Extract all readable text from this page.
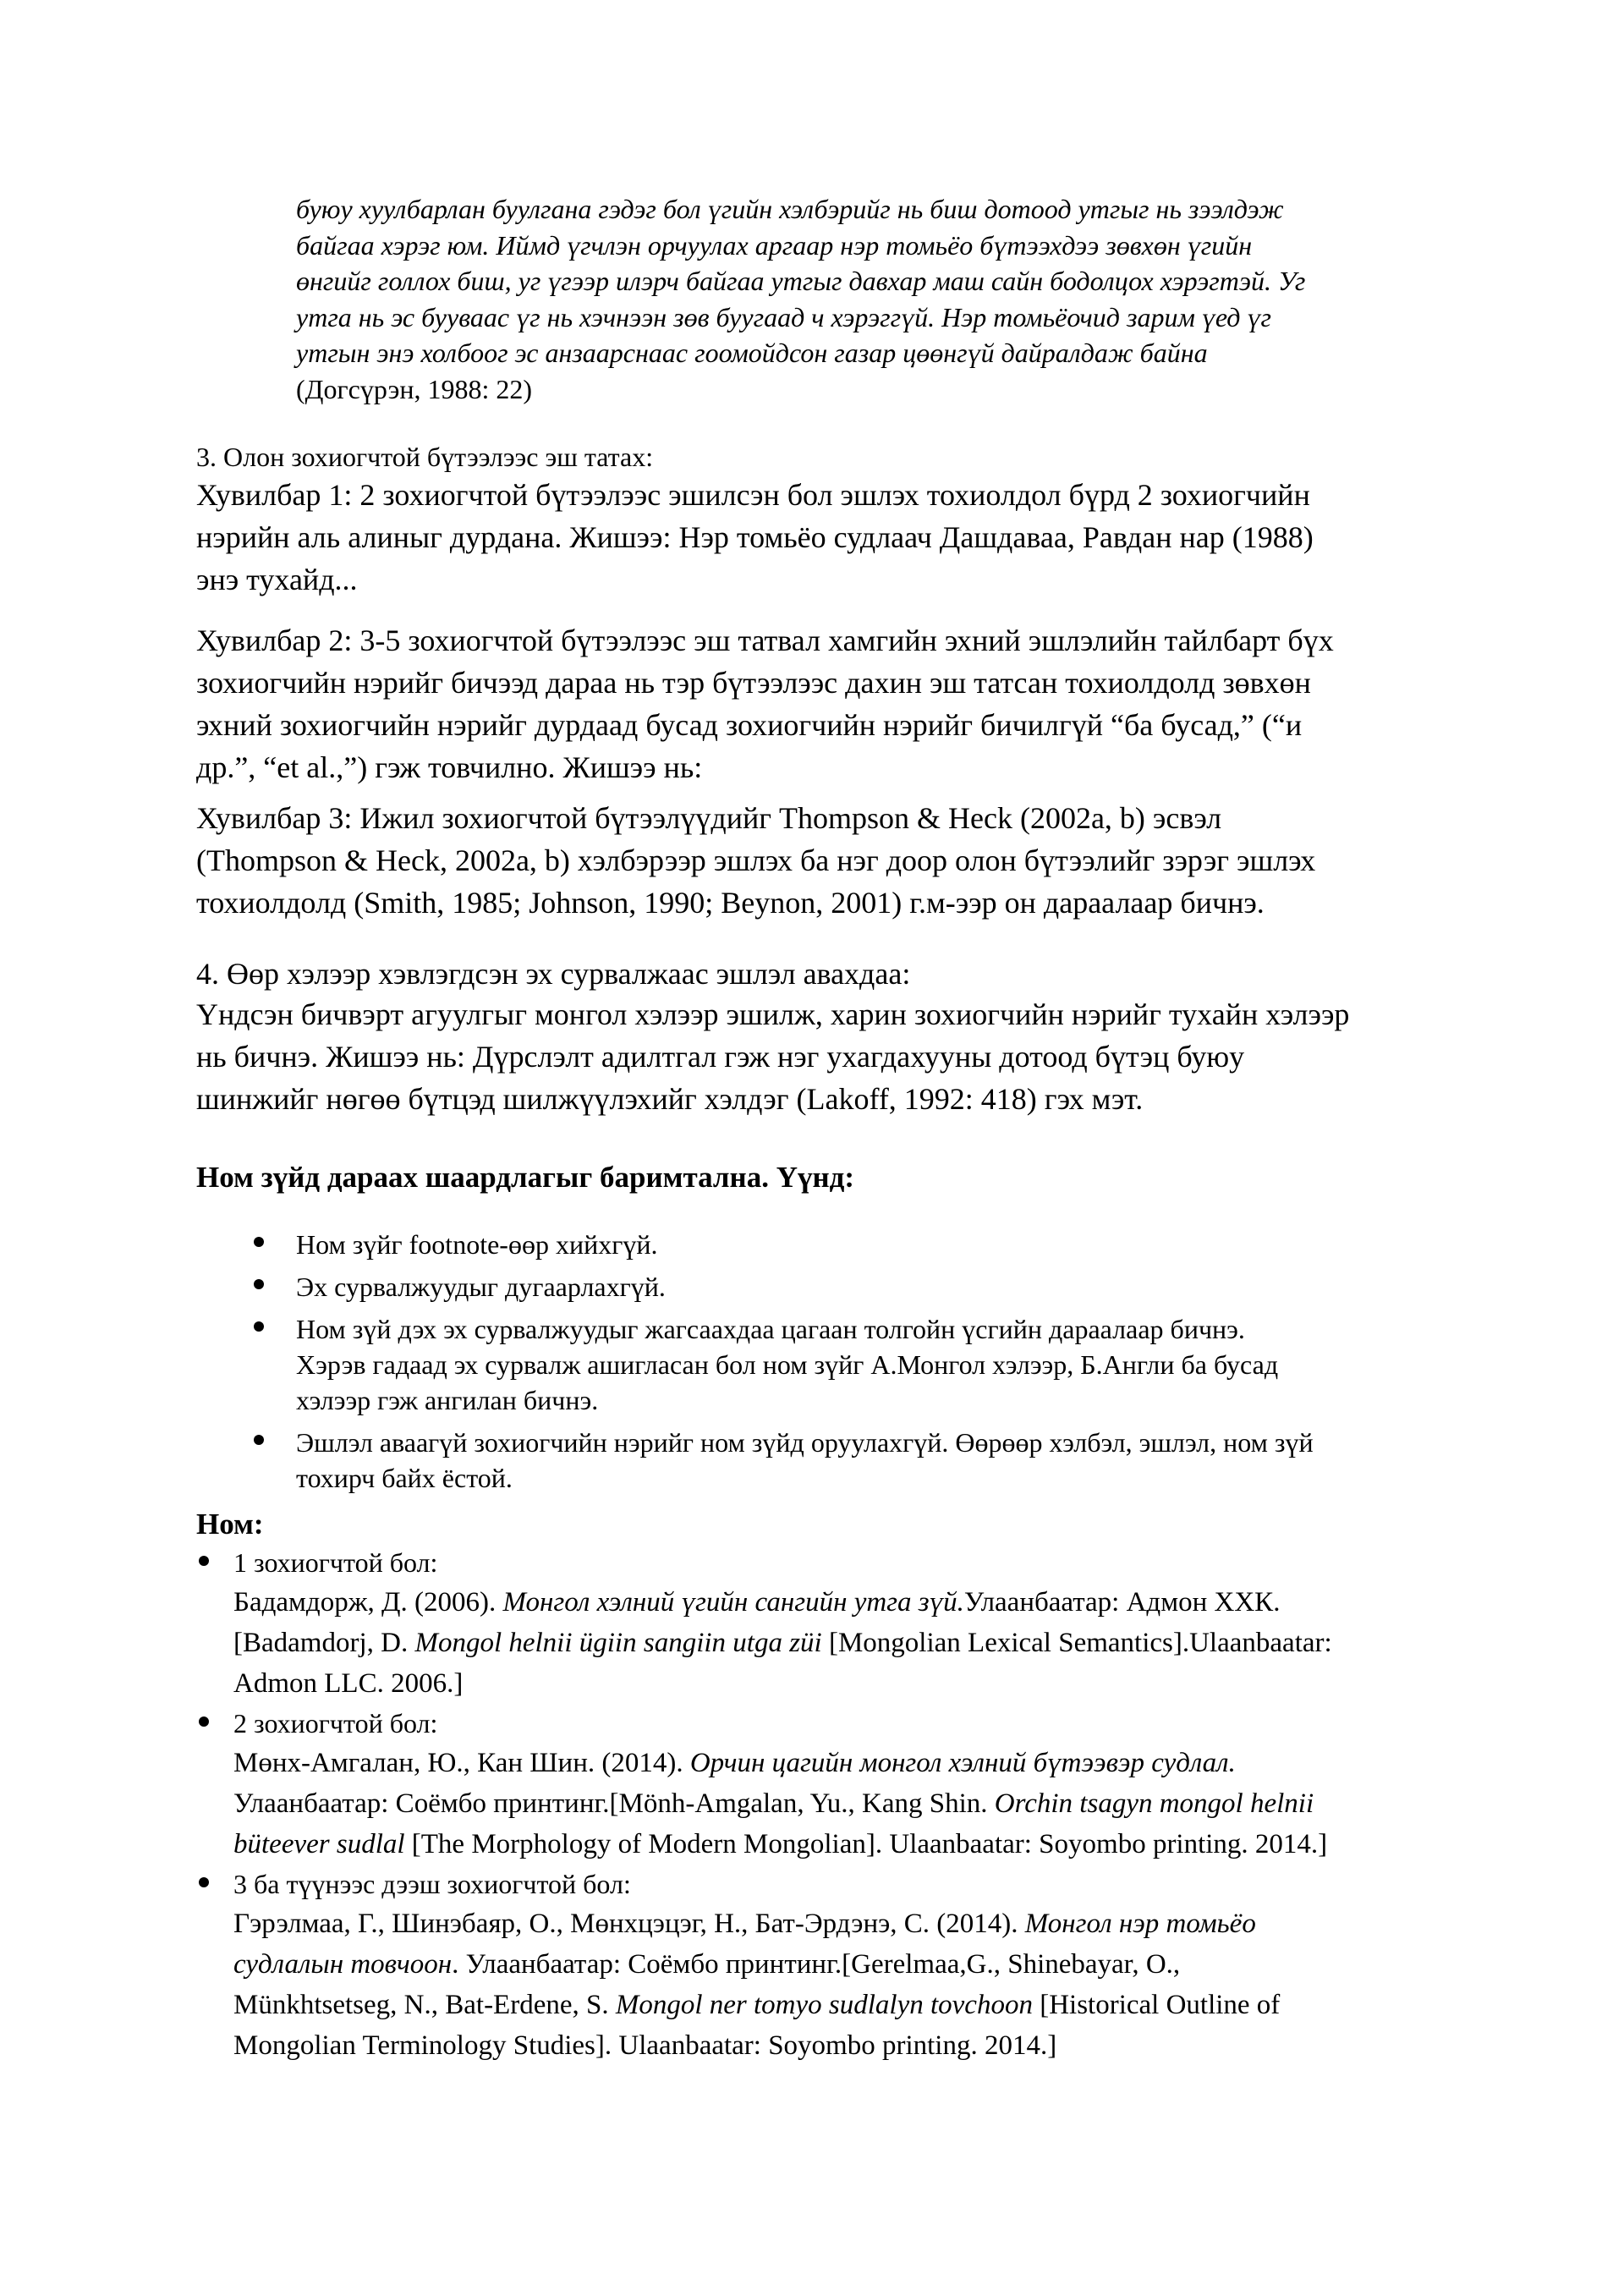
буюу хуулбарлан буулгана гэдэг бол үгийн хэлбэрийг нь биш дотоод утгыг нь зээлдэж
байгаа хэрэг юм. Иймд үгчлэн орчуулах аргаар нэр томьёо бүтээхдээ зөвхөн үгийн
өнгийг голлох биш, уг үгээр илэрч байгаа утгыг давхар маш сайн бодолцох хэрэгтэй. Уг
утга нь эс бууваас үг нь хэчнээн зөв буугаад ч хэрэггүй. Нэр томьёочид зарим үед үг
утгын энэ холбоог эс анзаарснаас гоомойдсон газар цөөнгүй дайралдаж байна
(Догсүрэн, 1988: 22)
3. Олон зохиогчтой бүтээлээс эш татах:
Хувилбар 1: 2 зохиогчтой бүтээлээс эшилсэн бол эшлэх тохиолдол бүрд 2 зохиогчийн
нэрийн аль алиныг дурдана. Жишээ: Нэр томьёо судлаач Дашдаваа, Равдан нар (1988)
энэ тухайд...
Хувилбар 2: 3-5 зохиогчтой бүтээлээс эш татвал хамгийн эхний эшлэлийн тайлбарт бүх
зохиогчийн нэрийг бичээд дараа нь тэр бүтээлээс дахин эш татсан тохиолдолд зөвхөн
эхний зохиогчийн нэрийг дурдаад бусад зохиогчийн нэрийг бичилгүй “ба бусад,” (“и
др.”, “et al.,”) гэж товчилно. Жишээ нь:
Хувилбар 3: Ижил зохиогчтой бүтээлүүдийг Thompson & Heck (2002a, b) эсвэл
(Thompson & Heck, 2002a, b) хэлбэрээр эшлэх ба нэг доор олон бүтээлийг зэрэг эшлэх
тохиолдолд (Smith, 1985; Johnson, 1990; Beynon, 2001) г.м-ээр он дараалаар бичнэ.
4. Өөр хэлээр хэвлэгдсэн эх сурвалжаас эшлэл авахдаа:
Үндсэн бичвэрт агуулгыг монгол хэлээр эшилж, харин зохиогчийн нэрийг тухайн хэлээр
нь бичнэ. Жишээ нь: Дүрслэлт адилтгал гэж нэг ухагдахууны дотоод бүтэц буюу
шинжийг нөгөө бүтцэд шилжүүлэхийг хэлдэг (Lakoff, 1992: 418) гэх мэт.
Ном зүйд дараах шаардлагыг баримтална. Үүнд:
Ном зүйг footnote-өөр хийхгүй.
Эх сурвалжуудыг дугаарлахгүй.
Ном зүй дэх эх сурвалжуудыг жагсаахдаа цагаан толгойн үсгийн дараалаар бичнэ.
Хэрэв гадаад эх сурвалж ашигласан бол ном зүйг А.Монгол хэлээр, Б.Англи ба бусад
хэлээр гэж ангилан бичнэ.
Эшлэл аваагүй зохиогчийн нэрийг ном зүйд оруулахгүй. Өөрөөр хэлбэл, эшлэл, ном зүй
тохирч байх ёстой.
Ном:
1 зохиогчтой бол:
Бадамдорж, Д. (2006). Монгол хэлний үгийн сангийн утга зүй.Улаанбаатар: Адмон ХХК.
[Badamdorj, D. Mongol helnii ügiin sangiin utga züi [Mongolian Lexical Semantics].Ulaanbaatar:
Admon LLC. 2006.]
2 зохиогчтой бол:
Мөнх-Амгалан, Ю., Кан Шин. (2014). Орчин цагийн монгол хэлний бүтээвэр судлал.
Улаанбаатар: Соёмбо принтинг.[Mönh-Amgalan, Yu., Kang Shin. Orchin tsagyn mongol helnii
büteever sudlal [The Morphology of Modern Mongolian]. Ulaanbaatar: Soyombo printing. 2014.]
3 ба түүнээс дээш зохиогчтой бол:
Гэрэлмаа, Г., Шинэбаяр, О., Мөнхцэцэг, Н., Бат-Эрдэнэ, С. (2014). Монгол нэр томьёо
судлалын товчоон. Улаанбаатар: Соёмбо принтинг.[Gerelmaa,G., Shinebayar, O.,
Münkhtsetseg, N., Bat-Erdene, S. Mongol ner tomyo sudlalyn tovchoon [Historical Outline of
Mongolian Terminology Studies]. Ulaanbaatar: Soyombo printing. 2014.]
